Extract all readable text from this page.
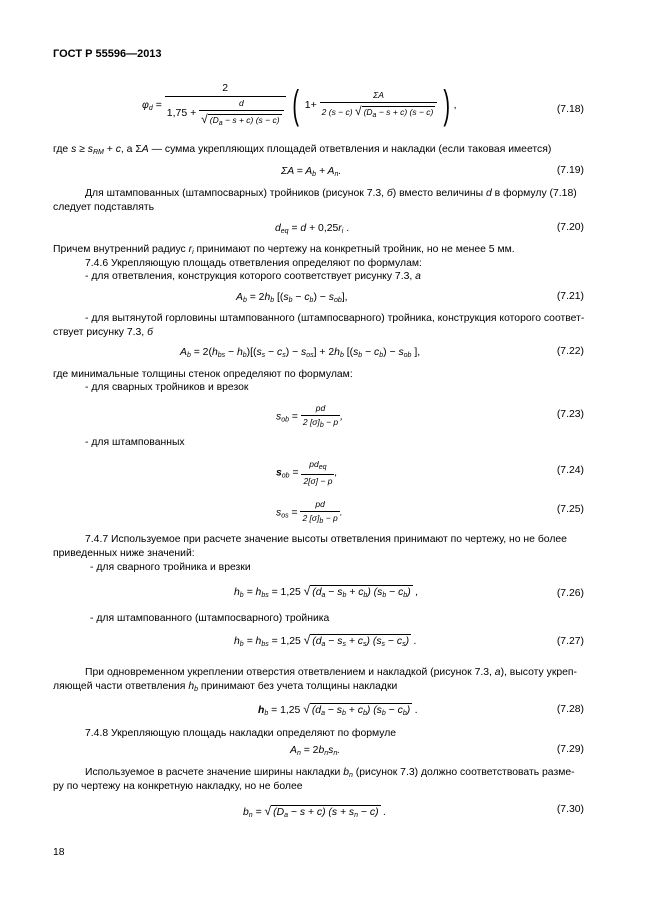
ГОСТ Р 55596—2013
$\varphi_d = \frac{2}{1,75 + \frac{d}{√ (D_a - s + c) (s - c)}}$ ( $1+ \frac{\Sigma A}{2 (s - c) √ (D_a - s + c) (s - c)}$ ) ,	(7.18)
где $s \ge s_{RM} + c$, а ΣA — сумма укрепляющих площадей ответвления и накладки (если таковая имеется)
$\Sigma A = A_b + A_n$.	(7.19)
Для штампованных (штампосварных) тройников (рисунок 7.3, б) вместо величины d в формулу (7.18)
следует подставлять
$d_{eq} = d + 0,25r_i$ .	(7.20)
Причем внутренний радиус $r_i$ принимают по чертежу на конкретный тройник, но не менее 5 мм.
7.4.6 Укрепляющую площадь ответвления определяют по формулам:
- для ответвления, конструкция которого соответствует рисунку 7.3, а
$A_b = 2h_b$ $[(s_b - c_b) - s_{ob}]$,	(7.21)
- для вытянутой горловины штампованного (штампосварного) тройника, конструкция которого соответ-
ствует рисунку 7.3, б
$A_b = 2(h_{bs} - h_b)[(s_s - c_s) - s_{os}] + 2h_b$ [$(s_b - c_b) - s_{ob}$ ],	(7.22)
где минимальные толщины стенок определяют по формулам:
- для сварных тройников и врезок
$s_{ob} = \frac{pd}{2 [\sigma]_b - p}$ ,	(7.23)
- для штампованных
$s_{ob} = \frac{pd_{eq}}{2[\sigma] - p}$ ,	(7.24)
$s_{os} = \frac{pd}{2 [\sigma]_b - p}$ .	(7.25)
7.4.7 Используемое при расчете значение высоты ответвления принимают по чертежу, но не более
приведенных ниже значений:
- для сварного тройника и врезки
$h_b = h_{bs} = 1,25$ √ $(d_a - s_b + c_b) (s_b - c_b)$ ,	(7.26)
- для штампованного (штампосварного) тройника
$h_b = h_{bs} = 1,25$ √ $(d_a - s_s + c_s) (s_s - c_s)$ .	(7.27)
При одновременном укреплении отверстия ответвлением и накладкой (рисунок 7.3, а), высоту укреп-
ляющей части ответвления $h_b$ принимают без учета толщины накладки
$h_b = 1,25$ √ $(d_a - s_b + c_b) (s_b - c_b)$ .	(7.28)
7.4.8 Укрепляющую площадь накладки определяют по формуле
$A_n = 2b_ns_n$.	(7.29)
Используемое в расчете значение ширины накладки $b_n$ (рисунок 7.3) должно соответствовать разме-
ру по чертежу на конкретную накладку, но не более
$b_n$ = √ $(D_a - s + c) (s + s_n - c)$ .	(7.30)
18
